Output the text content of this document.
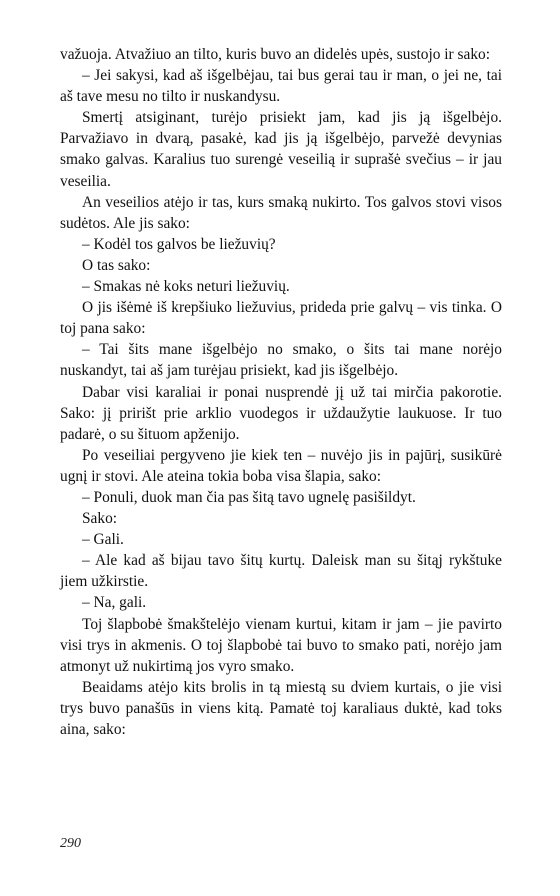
važuoja. Atvažiuo an tilto, kuris buvo an didelės upės, sustojo ir sako:

– Jei sakysi, kad aš išgelbėjau, tai bus gerai tau ir man, o jei ne, tai aš tave mesu no tilto ir nuskandysu.

Smertį atsiginant, turėjo prisiekt jam, kad jis ją išgelbėjo. Parvažiavo in dvarą, pasakė, kad jis ją išgelbėjo, parvežė devynias smako galvas. Karalius tuo surengė veseilią ir suprašė svečius – ir jau veseilia.

An veseilios atėjo ir tas, kurs smaką nukirto. Tos galvos stovi visos sudėtos. Ale jis sako:

– Kodėl tos galvos be liežuvių?

O tas sako:

– Smakas nė koks neturi liežuvių.

O jis išėmė iš krepšiuko liežuvius, prideda prie galvų – vis tinka. O toj pana sako:

– Tai šits mane išgelbėjo no smako, o šits tai mane norėjo nuskandyt, tai aš jam turėjau prisiekt, kad jis išgelbėjo.

Dabar visi karaliai ir ponai nusprendė jį už tai mirčia pakorotie. Sako: jį pririšt prie arklio vuodegos ir uždaužytie laukuose. Ir tuo padarė, o su šituom apženijo.

Po veseiliai pergyveno jie kiek ten – nuvėjo jis in pajūrį, susikūrė ugnį ir stovi. Ale ateina tokia boba visa šlapia, sako:

– Ponuli, duok man čia pas šitą tavo ugnelę pasišildyt.

Sako:

– Gali.

– Ale kad aš bijau tavo šitų kurtų. Daleisk man su šitąj rykštuke jiem užkirstie.

– Na, gali.

Toj šlapbobė šmakštelėjo vienam kurtui, kitam ir jam – jie pavirto visi trys in akmenis. O toj šlapbobė tai buvo to smako pati, norėjo jam atmonyt už nukirtimą jos vyro smako.

Beaidams atėjo kits brolis in tą miestą su dviem kurtais, o jie visi trys buvo panašūs in viens kitą. Pamatė toj karaliaus duktė, kad toks aina, sako:

290
